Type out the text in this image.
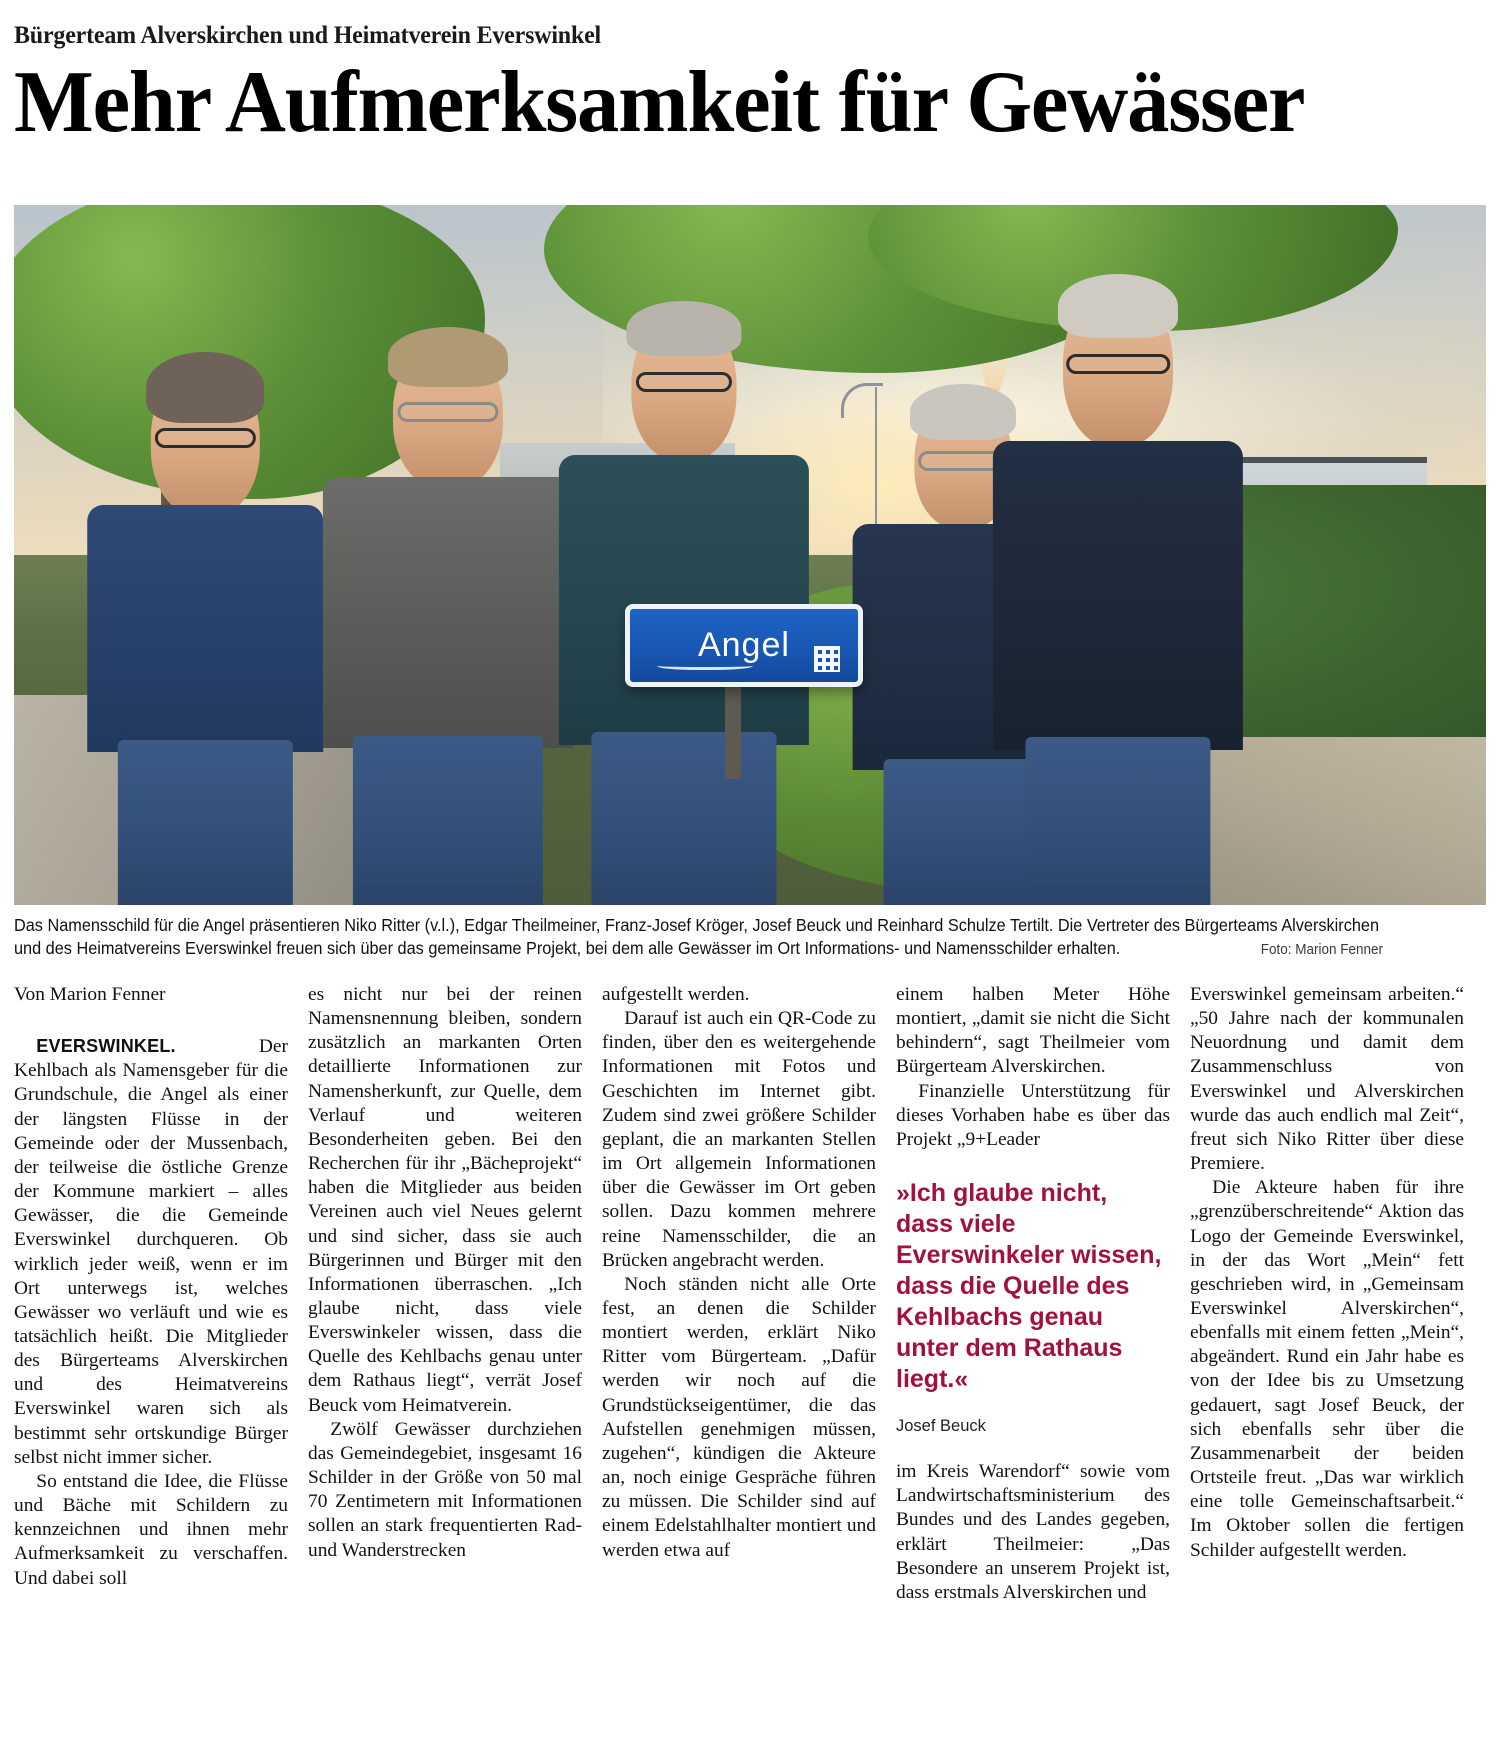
Bürgerteam Alverskirchen und Heimatverein Everswinkel
Mehr Aufmerksamkeit für Gewässer
Angel
Das Namensschild für die Angel präsentieren Niko Ritter (v.l.), Edgar Theilmeiner, Franz-Josef Kröger, Josef Beuck und Reinhard Schulze Tertilt. Die Vertreter des Bürgerteams Alverskirchen
und des Heimatvereins Everswinkel freuen sich über das gemeinsame Projekt, bei dem alle Gewässer im Ort Informations- und Namensschilder erhalten.	Foto: Marion Fenner

Von Marion Fenner

EVERSWINKEL. Der Kehlbach als Namensgeber für die Grundschule, die Angel als einer der längsten Flüsse in der Gemeinde oder der Mussenbach, der teilweise die östliche Grenze der Kommune markiert – alles Gewässer, die die Gemeinde Everswinkel durchqueren. Ob wirklich jeder weiß, wenn er im Ort unterwegs ist, welches Gewässer wo verläuft und wie es tatsächlich heißt. Die Mitglieder des Bürgerteams Alverskirchen und des Heimatvereins Everswinkel waren sich als bestimmt sehr ortskundige Bürger selbst nicht immer sicher.

So entstand die Idee, die Flüsse und Bäche mit Schildern zu kennzeichnen und ihnen mehr Aufmerksamkeit zu verschaffen. Und dabei soll

es nicht nur bei der reinen Namensnennung bleiben, sondern zusätzlich an markanten Orten detaillierte Informationen zur Namensherkunft, zur Quelle, dem Verlauf und weiteren Besonderheiten geben. Bei den Recherchen für ihr „Bächeprojekt“ haben die Mitglieder aus beiden Vereinen auch viel Neues gelernt und sind sicher, dass sie auch Bürgerinnen und Bürger mit den Informationen überraschen. „Ich glaube nicht, dass viele Everswinkeler wissen, dass die Quelle des Kehlbachs genau unter dem Rathaus liegt“, verrät Josef Beuck vom Heimatverein.

Zwölf Gewässer durchziehen das Gemeindegebiet, insgesamt 16 Schilder in der Größe von 50 mal 70 Zentimetern mit Informationen sollen an stark frequentierten Rad- und Wanderstrecken

aufgestellt werden.

Darauf ist auch ein QR-Code zu finden, über den es weitergehende Informationen mit Fotos und Geschichten im Internet gibt. Zudem sind zwei größere Schilder geplant, die an markanten Stellen im Ort allgemein Informationen über die Gewässer im Ort geben sollen. Dazu kommen mehrere reine Namensschilder, die an Brücken angebracht werden.

Noch ständen nicht alle Orte fest, an denen die Schilder montiert werden, erklärt Niko Ritter vom Bürgerteam. „Dafür werden wir noch auf die Grundstückseigentümer, die das Aufstellen genehmigen müssen, zugehen“, kündigen die Akteure an, noch einige Gespräche führen zu müssen. Die Schilder sind auf einem Edelstahlhalter montiert und werden etwa auf

einem halben Meter Höhe montiert, „damit sie nicht die Sicht behindern“, sagt Theilmeier vom Bürgerteam Alverskirchen.

Finanzielle Unterstützung für dieses Vorhaben habe es über das Projekt „9+Leader

»Ich glaube nicht, dass viele Everswinkeler wissen, dass die Quelle des Kehlbachs genau unter dem Rathaus liegt.«
Josef Beuck

im Kreis Warendorf“ sowie vom Landwirtschaftsministerium des Bundes und des Landes gegeben, erklärt Theilmeier: „Das Besondere an unserem Projekt ist, dass erstmals Alverskirchen und

Everswinkel gemeinsam arbeiten.“ „50 Jahre nach der kommunalen Neuordnung und damit dem Zusammenschluss von Everswinkel und Alverskirchen wurde das auch endlich mal Zeit“, freut sich Niko Ritter über diese Premiere.

Die Akteure haben für ihre „grenzüberschreitende“ Aktion das Logo der Gemeinde Everswinkel, in der das Wort „Mein“ fett geschrieben wird, in „Gemeinsam Everswinkel Alverskirchen“, ebenfalls mit einem fetten „Mein“, abgeändert. Rund ein Jahr habe es von der Idee bis zu Umsetzung gedauert, sagt Josef Beuck, der sich ebenfalls sehr über die Zusammenarbeit der beiden Ortsteile freut. „Das war wirklich eine tolle Gemeinschaftsarbeit.“ Im Oktober sollen die fertigen Schilder aufgestellt werden.
